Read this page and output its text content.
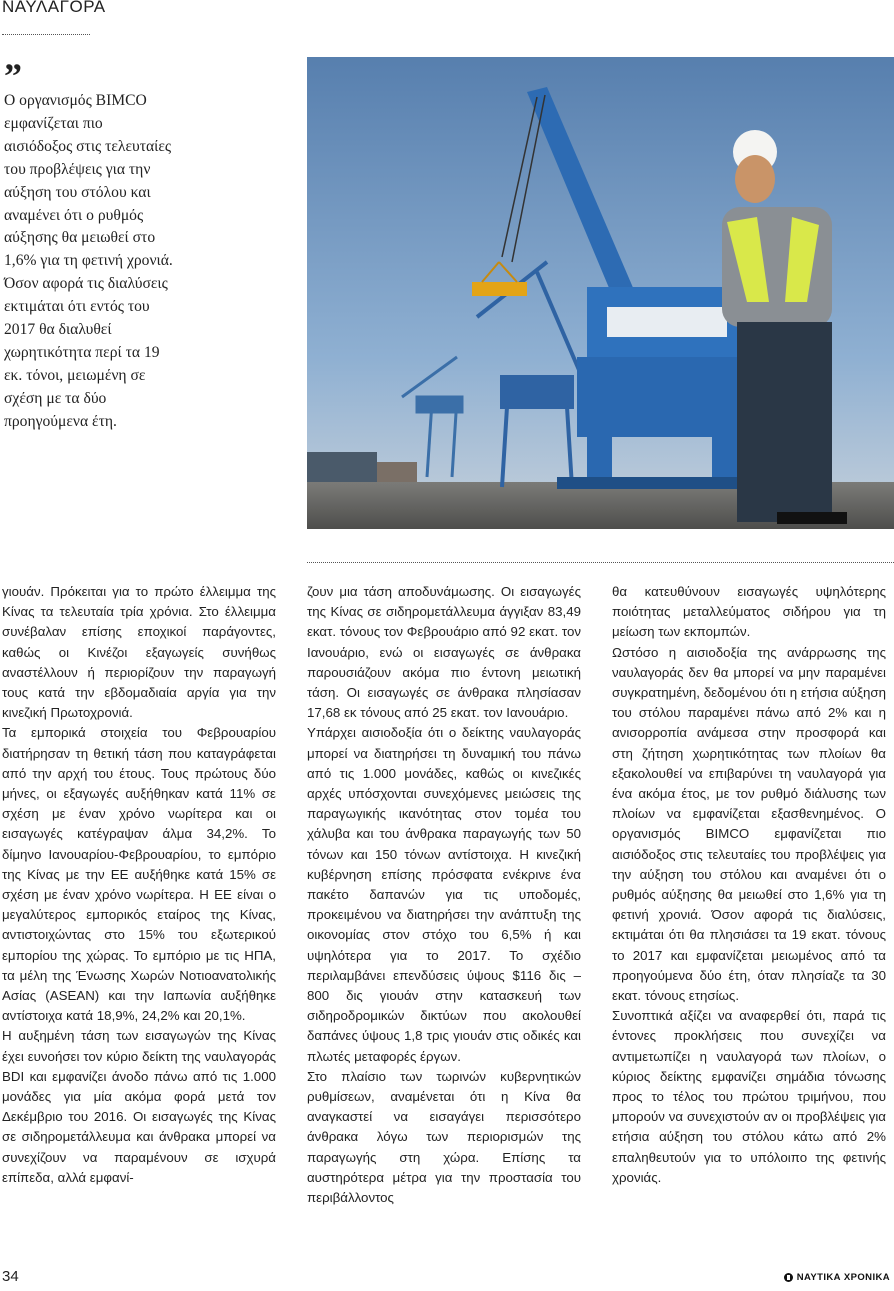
ΝΑΥΛΑΓΟΡΑ
”

Ο οργανισμός BIMCO εμφανίζεται πιο αισιόδοξος στις τελευταίες του προβλέψεις για την αύξηση του στόλου και αναμένει ότι ο ρυθμός αύξησης θα μειωθεί στο 1,6% για τη φετινή χρονιά. Όσον αφορά τις διαλύσεις εκτιμάται ότι εντός του 2017 θα διαλυθεί χωρητικότητα περί τα 19 εκ. τόνοι, μειωμένη σε σχέση με τα δύο προηγούμενα έτη.

γιουάν. Πρόκειται για το πρώτο έλλειμμα της Κίνας τα τελευταία τρία χρόνια. Στο έλλειμμα συνέβαλαν επίσης εποχικοί παράγοντες, καθώς οι Κινέζοι εξαγωγείς συνήθως αναστέλλουν ή περιορίζουν την παραγωγή τους κατά την εβδομαδιαία αργία για την κινεζική Πρωτοχρονιά.

Τα εμπορικά στοιχεία του Φεβρουαρίου διατήρησαν τη θετική τάση που καταγράφεται από την αρχή του έτους. Τους πρώτους δύο μήνες, οι εξαγωγές αυξήθηκαν κατά 11% σε σχέση με έναν χρόνο νωρίτερα και οι εισαγωγές κατέγραψαν άλμα 34,2%. Το δίμηνο Ιανουαρίου-Φεβρουαρίου, το εμπόριο της Κίνας με την ΕΕ αυξήθηκε κατά 15% σε σχέση με έναν χρόνο νωρίτερα. Η ΕΕ είναι ο μεγαλύτερος εμπορικός εταίρος της Κίνας, αντιστοιχώντας στο 15% του εξωτερικού εμπορίου της χώρας. Το εμπόριο με τις ΗΠΑ, τα μέλη της Ένωσης Χωρών Νοτιοανατολικής Ασίας (ASEAN) και την Ιαπωνία αυξήθηκε αντίστοιχα κατά 18,9%, 24,2% και 20,1%.

Η αυξημένη τάση των εισαγωγών της Κίνας έχει ευνοήσει τον κύριο δείκτη της ναυλαγοράς BDI και εμφανίζει άνοδο πάνω από τις 1.000 μονάδες για μία ακόμα φορά μετά τον Δεκέμβριο του 2016. Οι εισαγωγές της Κίνας σε σιδηρομετάλλευμα και άνθρακα μπορεί να συνεχίζουν να παραμένουν σε ισχυρά επίπεδα, αλλά εμφανί-

ζουν μια τάση αποδυνάμωσης. Οι εισαγωγές της Κίνας σε σιδηρομετάλλευμα άγγιξαν 83,49 εκατ. τόνους τον Φεβρουάριο από 92 εκατ. τον Ιανουάριο, ενώ οι εισαγωγές σε άνθρακα παρουσιάζουν ακόμα πιο έντονη μειωτική τάση. Οι εισαγωγές σε άνθρακα πλησίασαν 17,68 εκ τόνους από 25 εκατ. τον Ιανουάριο.

Υπάρχει αισιοδοξία ότι ο δείκτης ναυλαγοράς μπορεί να διατηρήσει τη δυναμική του πάνω από τις 1.000 μονάδες, καθώς οι κινεζικές αρχές υπόσχονται συνεχόμενες μειώσεις της παραγωγικής ικανότητας στον τομέα του χάλυβα και του άνθρακα παραγωγής των 50 τόνων και 150 τόνων αντίστοιχα. Η κινεζική κυβέρνηση επίσης πρόσφατα ενέκρινε ένα πακέτο δαπανών για τις υποδομές, προκειμένου να διατηρήσει την ανάπτυξη της οικονομίας στον στόχο του 6,5% ή και υψηλότερα για το 2017. Το σχέδιο περιλαμβάνει επενδύσεις ύψους $116 δις – 800 δις γιουάν στην κατασκευή των σιδηροδρομικών δικτύων που ακολουθεί δαπάνες ύψους 1,8 τρις γιουάν στις οδικές και πλωτές μεταφορές έργων.

Στο πλαίσιο των τωρινών κυβερνητικών ρυθμίσεων, αναμένεται ότι η Κίνα θα αναγκαστεί να εισαγάγει περισσότερο άνθρακα λόγω των περιορισμών της παραγωγής στη χώρα. Επίσης τα αυστηρότερα μέτρα για την προστασία του περιβάλλοντος

θα κατευθύνουν εισαγωγές υψηλότερης ποιότητας μεταλλεύματος σιδήρου για τη μείωση των εκπομπών.

Ωστόσο η αισιοδοξία της ανάρρωσης της ναυλαγοράς δεν θα μπορεί να μην παραμένει συγκρατημένη, δεδομένου ότι η ετήσια αύξηση του στόλου παραμένει πάνω από 2% και η ανισορροπία ανάμεσα στην προσφορά και στη ζήτηση χωρητικότητας των πλοίων θα εξακολουθεί να επιβαρύνει τη ναυλαγορά για ένα ακόμα έτος, με τον ρυθμό διάλυσης των πλοίων να εμφανίζεται εξασθενημένος. Ο οργανισμός BIMCO εμφανίζεται πιο αισιόδοξος στις τελευταίες του προβλέψεις για την αύξηση του στόλου και αναμένει ότι ο ρυθμός αύξησης θα μειωθεί στο 1,6% για τη φετινή χρονιά. Όσον αφορά τις διαλύσεις, εκτιμάται ότι θα πλησιάσει τα 19 εκατ. τόνους το 2017 και εμφανίζεται μειωμένος από τα προηγούμενα δύο έτη, όταν πλησίαζε τα 30 εκατ. τόνους ετησίως.

Συνοπτικά αξίζει να αναφερθεί ότι, παρά τις έντονες προκλήσεις που συνεχίζει να αντιμετωπίζει η ναυλαγορά των πλοίων, ο κύριος δείκτης εμφανίζει σημάδια τόνωσης προς το τέλος του πρώτου τριμήνου, που μπορούν να συνεχιστούν αν οι προβλέψεις για ετήσια αύξηση του στόλου κάτω από 2% επαληθευτούν για το υπόλοιπο της φετινής χρονιάς.

34	ΝΑΥΤΙΚΑ ΧΡΟΝΙΚΑ
